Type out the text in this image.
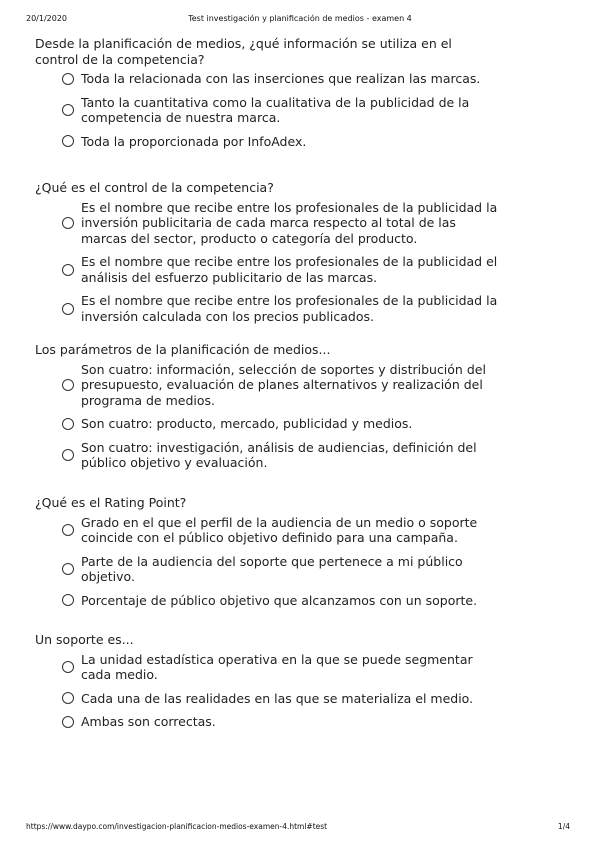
20/1/2020	Test investigación y planificación de medios - examen 4

Desde la planificación de medios, ¿qué información se utiliza en el control de la competencia?

Toda la relacionada con las inserciones que realizan las marcas.
Tanto la cuantitativa como la cualitativa de la publicidad de la competencia de nuestra marca.
Toda la proporcionada por InfoAdex.

¿Qué es el control de la competencia?

Es el nombre que recibe entre los profesionales de la publicidad la inversión publicitaria de cada marca respecto al total de las marcas del sector, producto o categoría del producto.
Es el nombre que recibe entre los profesionales de la publicidad el análisis del esfuerzo publicitario de las marcas.
Es el nombre que recibe entre los profesionales de la publicidad la inversión calculada con los precios publicados.

Los parámetros de la planificación de medios...

Son cuatro: información, selección de soportes y distribución del presupuesto, evaluación de planes alternativos y realización del programa de medios.
Son cuatro: producto, mercado, publicidad y medios.
Son cuatro: investigación, análisis de audiencias, definición del público objetivo y evaluación.

¿Qué es el Rating Point?

Grado en el que el perfil de la audiencia de un medio o soporte coincide con el público objetivo definido para una campaña.
Parte de la audiencia del soporte que pertenece a mi público objetivo.
Porcentaje de público objetivo que alcanzamos con un soporte.

Un soporte es...

La unidad estadística operativa en la que se puede segmentar cada medio.
Cada una de las realidades en las que se materializa el medio.
Ambas son correctas.
https://www.daypo.com/investigacion-planificacion-medios-examen-4.html#test	1/4
